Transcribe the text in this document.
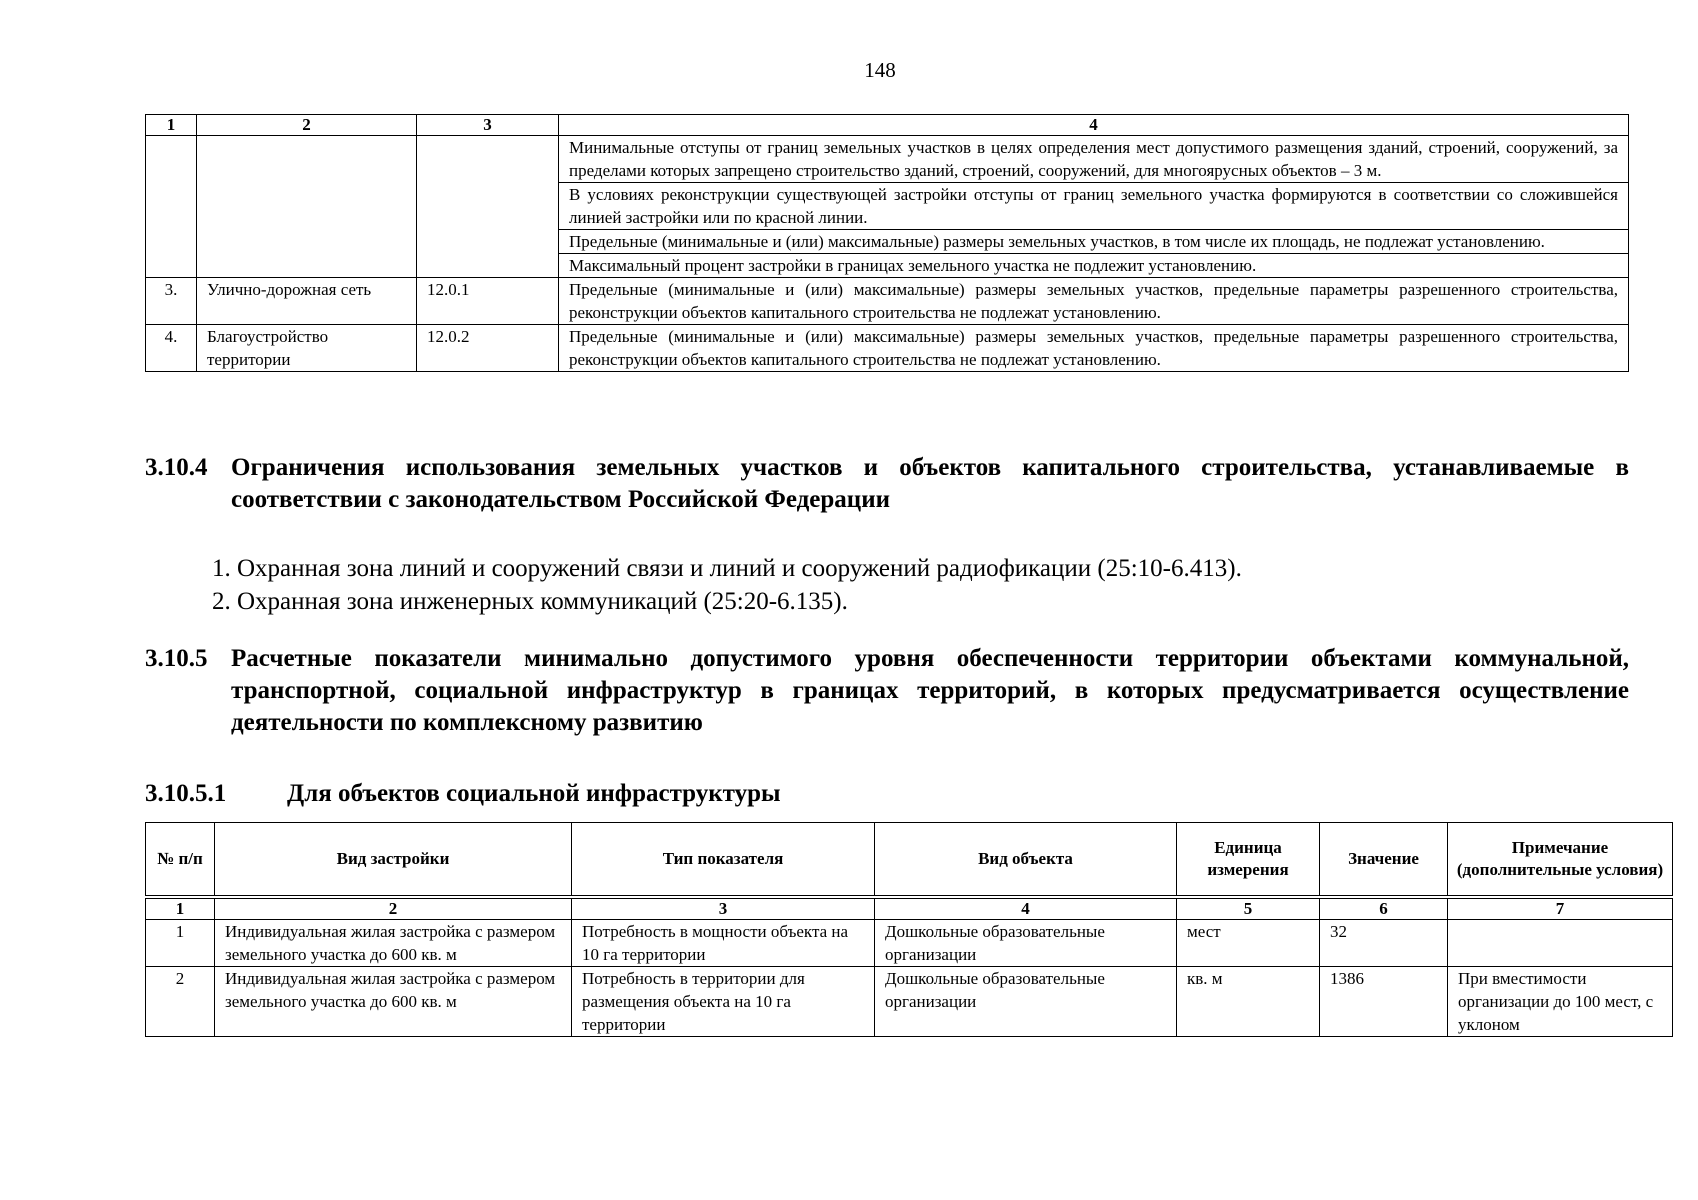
148
1	2	3	4
			Минимальные отступы от границ земельных участков в целях определения мест допустимого размещения зданий, строений, сооружений, за пределами которых запрещено строительство зданий, строений, сооружений, для многоярусных объектов – 3 м.
			В условиях реконструкции существующей застройки отступы от границ земельного участка формируются в соответствии со сложившейся линией застройки или по красной линии.
			Предельные (минимальные и (или) максимальные) размеры земельных участков, в том числе их площадь, не подлежат установлению.
			Максимальный процент застройки в границах земельного участка не подлежит установлению.
3.	Улично-дорожная сеть	12.0.1	Предельные (минимальные и (или) максимальные) размеры земельных участков, предельные параметры разрешенного строительства, реконструкции объектов капитального строительства не подлежат установлению.
4.	Благоустройство территории	12.0.2	Предельные (минимальные и (или) максимальные) размеры земельных участков, предельные параметры разрешенного строительства, реконструкции объектов капитального строительства не подлежат установлению.
3.10.4 Ограничения использования земельных участков и объектов капитального строительства, устанавливаемые в соответствии с законодательством Российской Федерации
1. Охранная зона линий и сооружений связи и линий и сооружений радиофикации (25:10-6.413).
2. Охранная зона инженерных коммуникаций (25:20-6.135).
3.10.5 Расчетные показатели минимально допустимого уровня обеспеченности территории объектами коммунальной, транспортной, социальной инфраструктур в границах территорий, в которых предусматривается осуществление деятельности по комплексному развитию
3.10.5.1 Для объектов социальной инфраструктуры
№ п/п	Вид застройки	Тип показателя	Вид объекта	Единица измерения	Значение	Примечание (дополнительные условия)

1	2	3	4	5	6	7
1	Индивидуальная жилая застройка с размером земельного участка до 600 кв. м	Потребность в мощности объекта на 10 га территории	Дошкольные образовательные организации	мест	32	
2	Индивидуальная жилая застройка с размером земельного участка до 600 кв. м	Потребность в территории для размещения объекта на 10 га территории	Дошкольные образовательные организации	кв. м	1386	При вместимости организации до 100 мест, с уклоном
